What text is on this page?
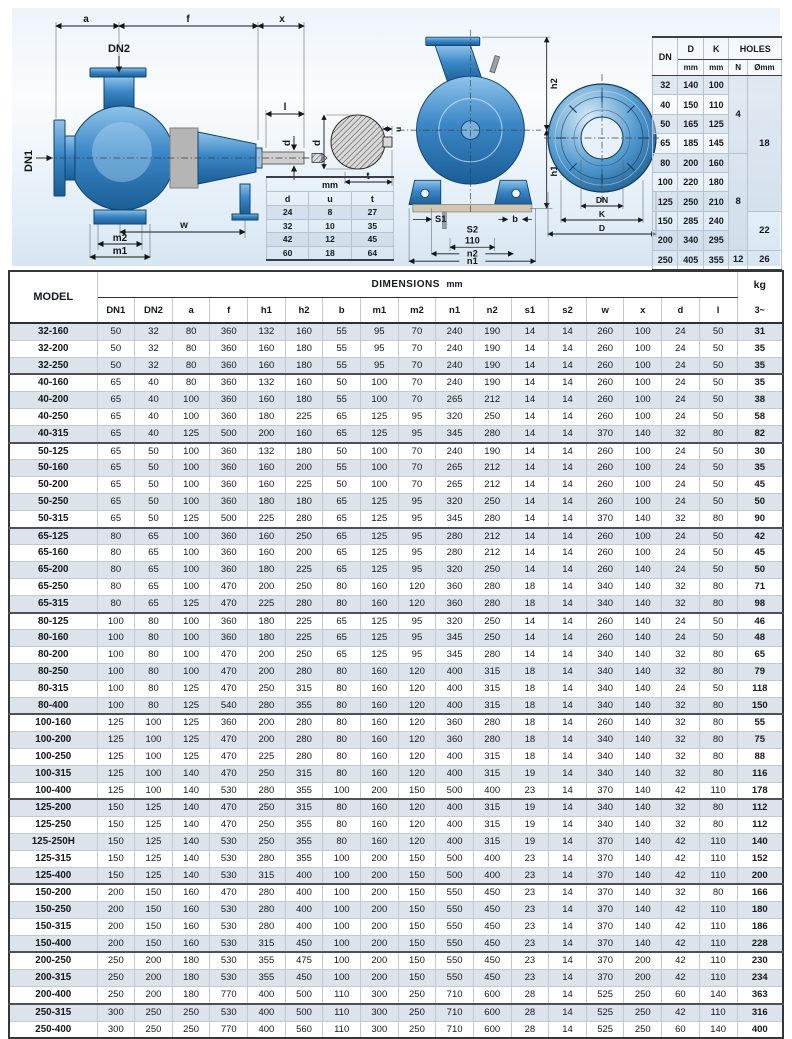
a	f	x
DN2
DN1
l
d
w
m2
m1
d
u
t
mm		
d	u	t
24	8	27
32	10	35
42	12	45
60	18	64
h2
h1
S1	b
S2
110
n2
n1
DN
K
D
DN	D	K	HOLES	
	mm	mm	N	Ømm
32	140	100	4	18
40	150	110		
50	165	125		
65	185	145		
80	200	160	8	
100	220	180		
125	250	210		
150	285	240		22
200	340	295		
250	405	355	12	26
MODEL	DIMENSIONS mm																	kg
	DN1	DN2	a	f	h1	h2	b	m1	m2	n1	n2	s1	s2	w	x	d	l	3~
32-160	50	32	80	360	132	160	55	95	70	240	190	14	14	260	100	24	50	31
32-200	50	32	80	360	160	180	55	95	70	240	190	14	14	260	100	24	50	35
32-250	50	32	80	360	160	180	55	95	70	240	190	14	14	260	100	24	50	35
40-160	65	40	80	360	132	160	50	100	70	240	190	14	14	260	100	24	50	35
40-200	65	40	100	360	160	180	55	100	70	265	212	14	14	260	100	24	50	38
40-250	65	40	100	360	180	225	65	125	95	320	250	14	14	260	100	24	50	58
40-315	65	40	125	500	200	160	65	125	95	345	280	14	14	370	140	32	80	82
50-125	65	50	100	360	132	180	50	100	70	240	190	14	14	260	100	24	50	30
50-160	65	50	100	360	160	200	55	100	70	265	212	14	14	260	100	24	50	35
50-200	65	50	100	360	160	225	50	100	70	265	212	14	14	260	100	24	50	45
50-250	65	50	100	360	180	180	65	125	95	320	250	14	14	260	100	24	50	50
50-315	65	50	125	500	225	280	65	125	95	345	280	14	14	370	140	32	80	90
65-125	80	65	100	360	160	250	65	125	95	280	212	14	14	260	100	24	50	42
65-160	80	65	100	360	160	200	65	125	95	280	212	14	14	260	100	24	50	45
65-200	80	65	100	360	180	225	65	125	95	320	250	14	14	260	140	24	50	50
65-250	80	65	100	470	200	250	80	160	120	360	280	18	14	340	140	32	80	71
65-315	80	65	125	470	225	280	80	160	120	360	280	18	14	340	140	32	80	98
80-125	100	80	100	360	180	225	65	125	95	320	250	14	14	260	140	24	50	46
80-160	100	80	100	360	180	225	65	125	95	345	250	14	14	260	140	24	50	48
80-200	100	80	100	470	200	250	65	125	95	345	280	14	14	340	140	32	80	65
80-250	100	80	100	470	200	280	80	160	120	400	315	18	14	340	140	32	80	79
80-315	100	80	125	470	250	315	80	160	120	400	315	18	14	340	140	24	50	118
80-400	100	80	125	540	280	355	80	160	120	400	315	18	14	340	140	32	80	150
100-160	125	100	125	360	200	280	80	160	120	360	280	18	14	260	140	32	80	55
100-200	125	100	125	470	200	280	80	160	120	360	280	18	14	340	140	32	80	75
100-250	125	100	125	470	225	280	80	160	120	400	315	18	14	340	140	32	80	88
100-315	125	100	140	470	250	315	80	160	120	400	315	19	14	340	140	32	80	116
100-400	125	100	140	530	280	355	100	200	150	500	400	23	14	370	140	42	110	178
125-200	150	125	140	470	250	315	80	160	120	400	315	19	14	340	140	32	80	112
125-250	150	125	140	470	250	355	80	160	120	400	315	19	14	340	140	32	80	112
125-250H	150	125	140	530	250	355	80	160	120	400	315	19	14	370	140	42	110	140
125-315	150	125	140	530	280	355	100	200	150	500	400	23	14	370	140	42	110	152
125-400	150	125	140	530	315	400	100	200	150	500	400	23	14	370	140	42	110	200
150-200	200	150	160	470	280	400	100	200	150	550	450	23	14	370	140	32	80	166
150-250	200	150	160	530	280	400	100	200	150	550	450	23	14	370	140	42	110	180
150-315	200	150	160	530	280	400	100	200	150	550	450	23	14	370	140	42	110	186
150-400	200	150	160	530	315	450	100	200	150	550	450	23	14	370	140	42	110	228
200-250	250	200	180	530	355	475	100	200	150	550	450	23	14	370	200	42	110	230
200-315	250	200	180	530	355	450	100	200	150	550	450	23	14	370	200	42	110	234
200-400	250	200	180	770	400	500	110	300	250	710	600	28	14	525	250	60	140	363
250-315	300	250	250	530	400	500	110	300	250	710	600	28	14	525	250	42	110	316
250-400	300	250	250	770	400	560	110	300	250	710	600	28	14	525	250	60	140	400
